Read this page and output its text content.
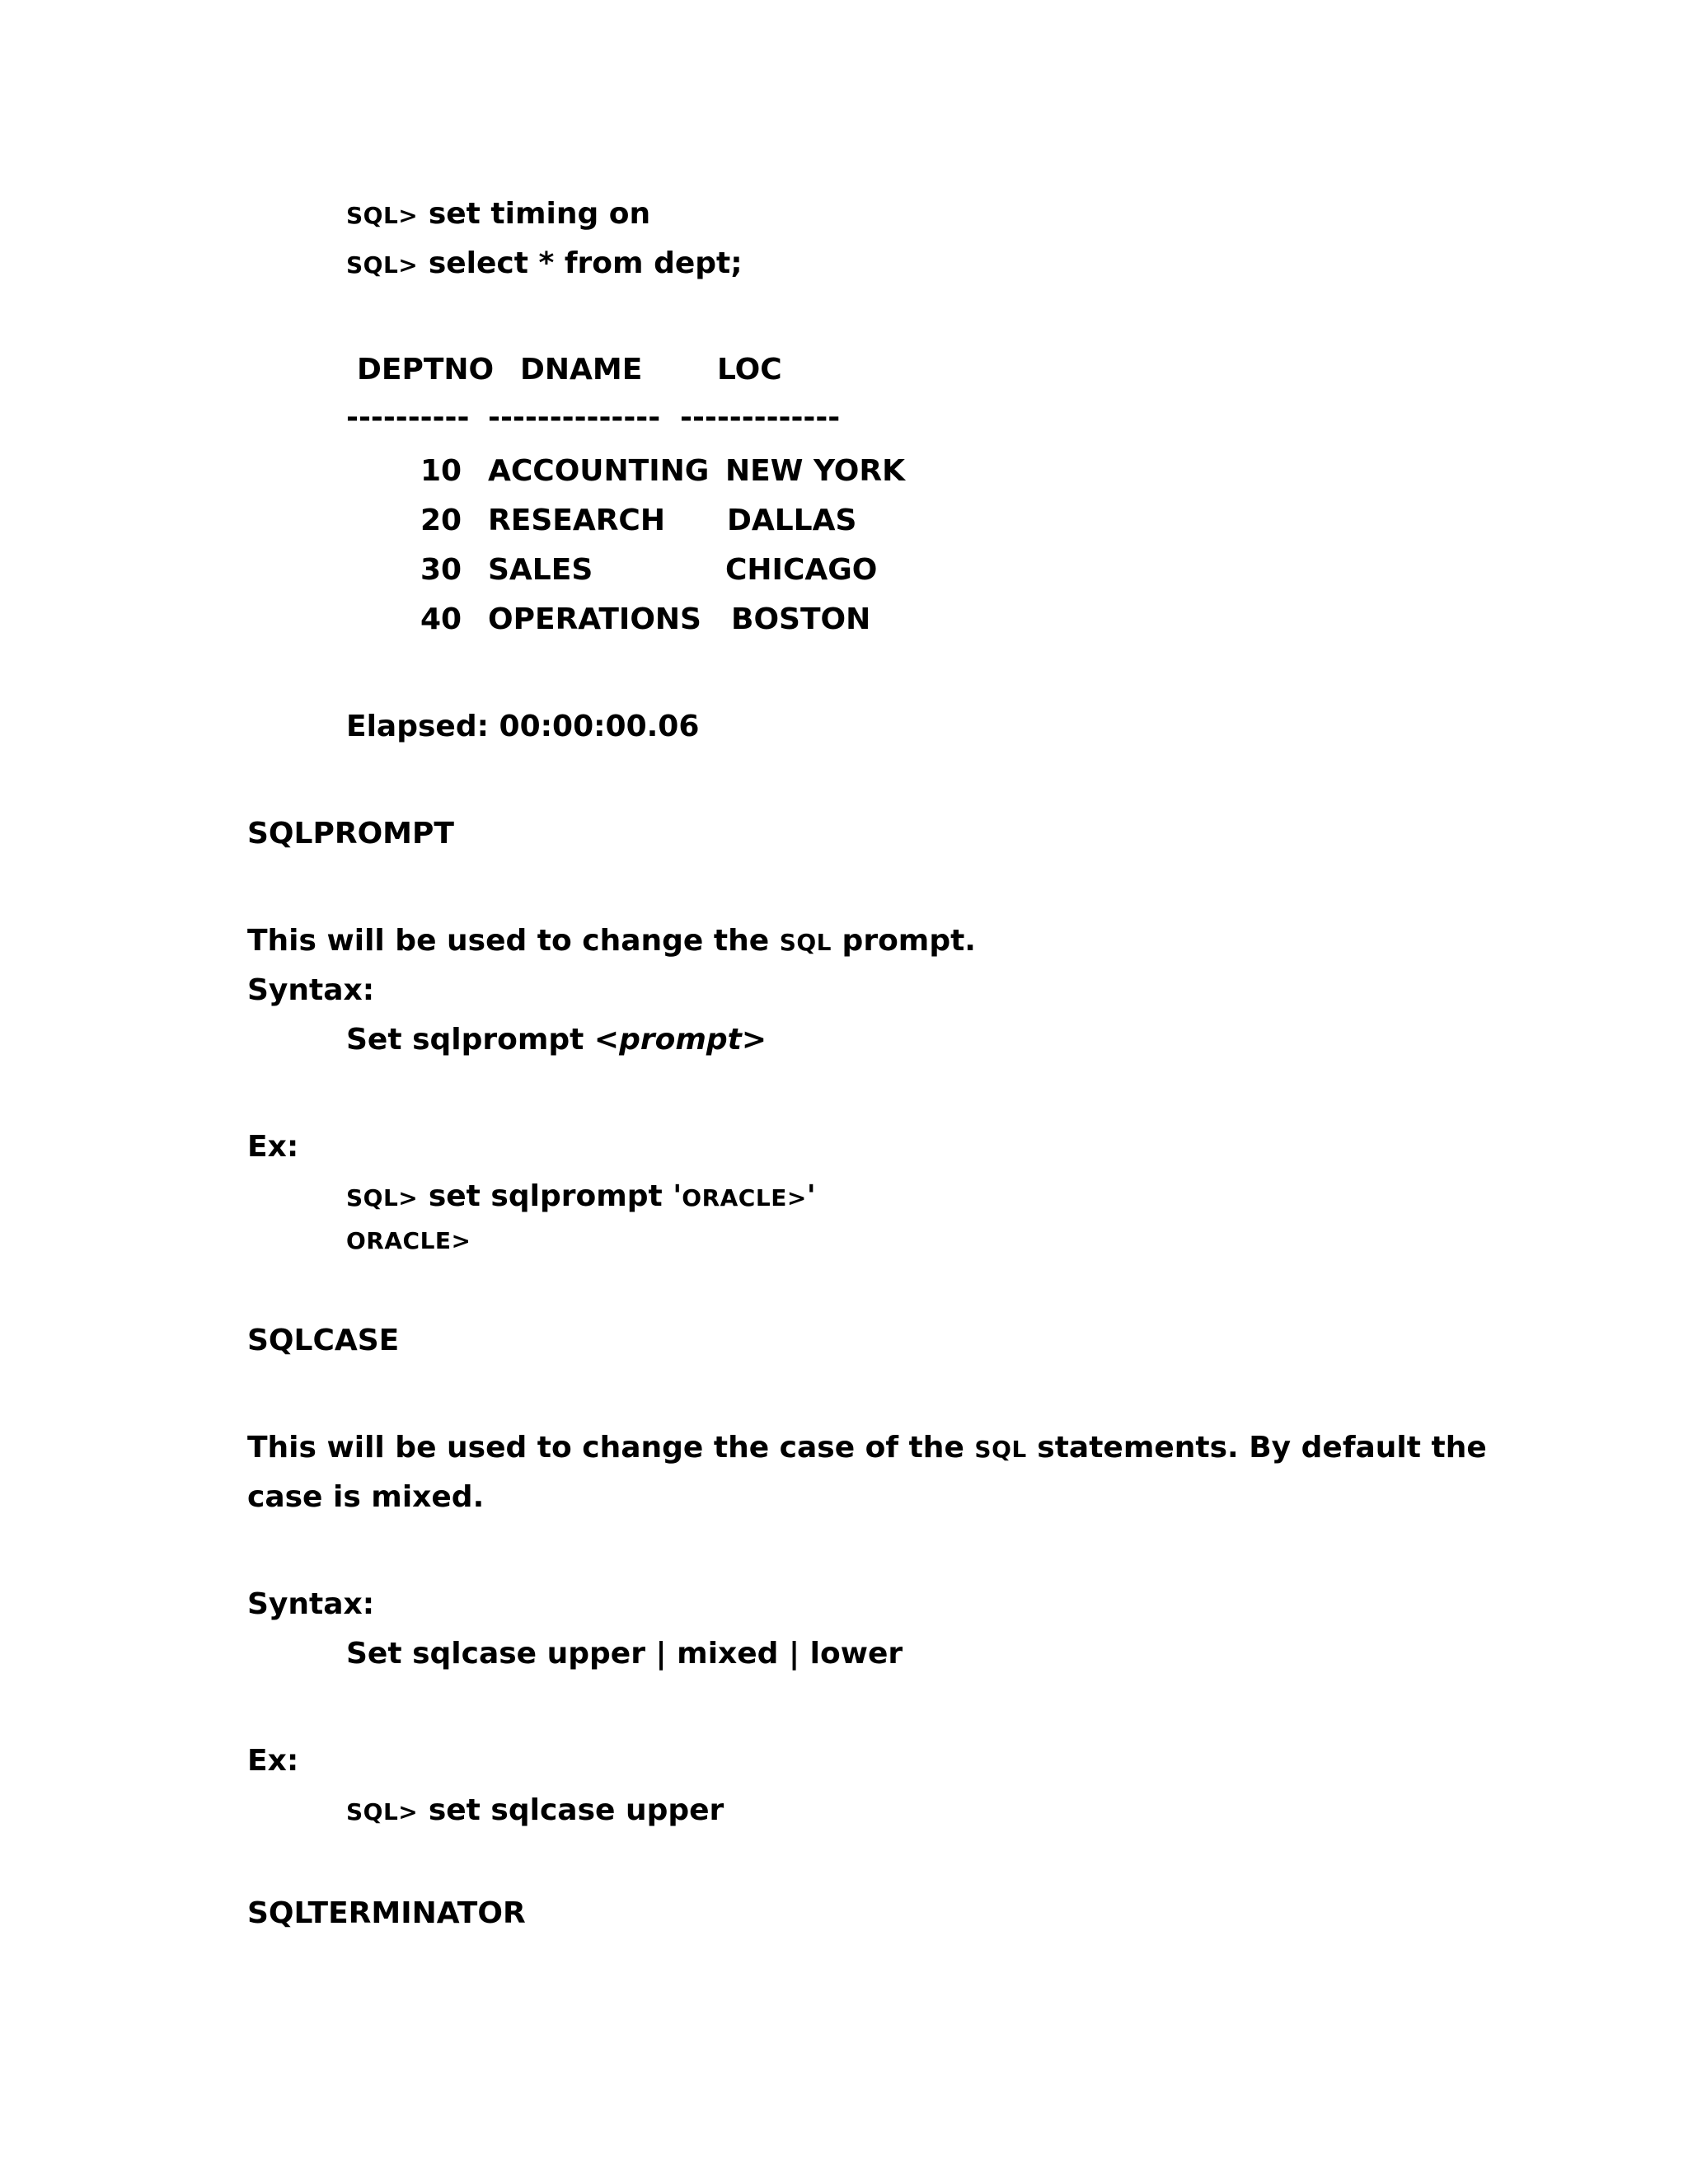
SQL> set timing on
SQL> select * from dept;
DEPTNO DNAME	LOC
---------- -------------- -------------
10 ACCOUNTING NEW YORK
20 RESEARCH DALLAS
30 SALES	CHICAGO
40 OPERATIONS BOSTON
Elapsed: 00:00:00.06
SQLPROMPT
This will be used to change the SQL prompt.
Syntax:
Set sqlprompt <prompt>
Ex:
SQL> set sqlprompt 'ORACLE>'
ORACLE>
SQLCASE
This will be used to change the case of the SQL statements. By default the
case is mixed.
Syntax:
Set sqlcase upper | mixed | lower
Ex:
SQL> set sqlcase upper
SQLTERMINATOR
